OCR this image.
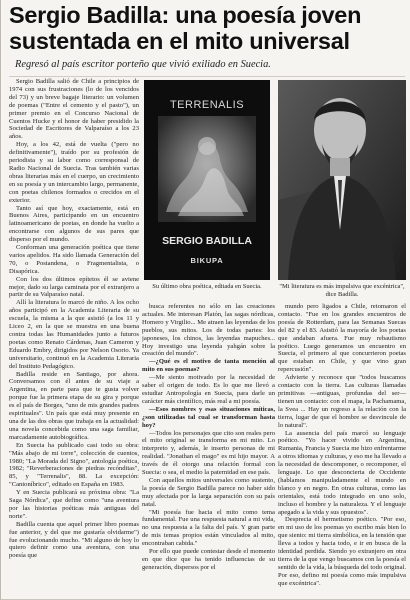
Sergio Badilla: una poesía joven sustentada en el mito universal

Regresó al país escritor porteño que vivió exiliado en Suecia.

Sergio Badilla salió de Chile a principios de 1974 con sus frustraciones (lo de los vencidos del 73) y un breve bagaje literario: un volumen de poemas ("Entre el cemento y el pasto"), un primer premio en el Concurso Nacional de Cuentos Hucke y el honor de haber presidido la Sociedad de Escritores de Valparaíso a los 23 años.

Hoy, a los 42, está de vuelta ("pero no definitivamente"), traído por su profesión de periodista y su labor como corresponsal de Radio Nacional de Suecia. Tras también varias obras literarias más en el cuerpo, un crecimiento en su poesía y un intercambio largo, permanente, con poetas chilenos formados o crecidos en el exterior.

Tanto así que hoy, exactamente, está en Buenos Aires, participando en un encuentro latinoamericano de poetas, en donde ha vuelto a encontrarse con algunos de sus pares que disperso por el mundo.

Conforman una generación poética que tiene varios apelidos. Ha sido llamada Generación del 70, o Postandena, o Fragmentalista, o Disapórica.

Con los dos últimos epítetos él se aviene mejor, dado su larga caminata por el extranjero a partir de su Valparaíso natal.

Allí la literatura lo marcó de niño. A los ocho años participó en la Academia Literaria de su escuela, la misma a la que asistió (a los 11 y Liceo 2, en la que se muestra en una buena contra todas las Humanidades junto a futuros poetas como Renato Cárdenas, Juan Cameron y Eduardo Embry, dirigidos por Nelson Osorio. Ya universitario, continuó en la Academia Literaria del Instituto Pedagógico.

Badilla reside en Santiago, por ahora. Conversamos con él antes de su viaje a Argentina, en parte para que te gusta volver porque fue la primera etapa de su gira y porque es el país de Borges, "uno de mis grandes padres espirituales". Un país que está muy presente en una de las dos obras que trabaja en la actualidad: una novela concebida como una saga familiar, marcadamente autobiográfica.

En Suecia ha publicado casi todo su obra: "Más abajo de mi torre", colección de cuentos, 1980; "La Morada del Signo", antología poética, 1982; "Reverberaciones de piedras recónditas", 85, y "Terrenalis", 88. La excepción: "Cantoníbrico", editado en España en 1983.

Y en Suecia publicará su próxima obra: "La Saga Nórdica", que define como "una aventura por las historias poéticas más antiguas del norte".

Badilla cuenta que aquel primer libro poemas fue anterior, y del que me gustaría olvidarme") fue evolucionando mucho. "Mi alguno de hoy lo quiero definir como una aventura, con una poesía que

TERRENALIS

SERGIO BADILLA

BIKUPA

Su último obra poética, editada en Suecia.	"Mi literatura es más impulsiva que excéntrica", dice Badilla.

busca referentes no sólo en las creaciones actuales. Me interesan Platón, las sagas nórdicas, Homero y Virgilio... Me atraen las leyendas de los pueblos, sus mitos. Los de todas partes: los japoneses, los chinos, las leyendas mapuches... Hoy investigo una leyenda yahgán sobre la creación del mundo".

—¿Qué es el motivo de tanta mención al mito en sus poemas?

—Me siento motivado por la necesidad de saber el origen de todo. Es lo que me llevó a estudiar Antropología en Suecia, para darle un carácter más científico, más real a mi poesía.

—Esos nombres y esas situaciones míticas, ¿son utilizadas tal cual se transforman hasta hoy?

—Todos los personajes que cito son reales pero el mito original se transforma en mi mito. Lo interpreto y, además, le inserto personas de mi realidad. "Jonathan el mago" es mi hijo mayor. A través de él otorgo una relación formal con Suecia: o sea, el medio la paternidad en ese país.

Con aquellos mitos universales como sustento, la poesía de Sergio Badilla parece no haber sido muy afectada por la larga separación con su país natal.

"Mi poesía fue hacia el mito como tema fundamental. Fue una respuesta natural a mi vida, no una respuesta a la falta del país. Y gran parte de mis temas propios están vinculados al mito, encontraban cabida."

Por ello que puede contestar desde el momento en que dice que ha tenido influencias de su generación, dispersos por el

mundo pero ligados a Chile, retomaron el contacto. "Fue en los grandes encuentros de poesía de Rotterdam, para las Semanas Suecas del 82 y el 83. Asistió la mayoría de los poetas que andaban afuera. Fue muy rebautismo poético. Luego generamos un encuentro en Suecia, el primero al que concurrieron poetas que estaban en Chile, y que vino gran repercusión".

Advierte y reconoce que "todos buscamos contacto con la tierra. Las culturas llamadas primitivas —antiguas, profundas del ser— tienen un contacto: con el mapa, la Pachamama, la Svea ... Hay un regreso a la relación con la tierra, lugar de que el hombre se desvincule de lo natural".

La ausencia del país marcó su lenguaje poético. "Yo hacer vivido en Argentina, Rumania, Francia y Suecia me hizo enfrentarme a otros idiomas y culturas, y eso me ha llevado a la necesidad de descomponer, o recomponer, el lenguaje. Lo que desconcierta de Occidente (hablamos manipuladamente el mundo en blanco y en negro. En otras culturas, como las orientales, está todo integrado en uno solo, incluso el hombre y la naturaleza. Y el lenguaje apegado a la vida y sus opuestos".

Desprecia el hermetismo poético. "Por eso, en mi uso de los poemas yo escribo más bien lo que siento: mi tierra simbólica, en la tensión que lleva a todos y hacia todo, e ir en busca de la identidad perdida. Siendo yo extranjero en otra tierra de la que vengo buscamos con la poesía el sentido de la vida, la búsqueda del todo original. Por eso, defino mi poesía como más impulsiva que excéntrica".
